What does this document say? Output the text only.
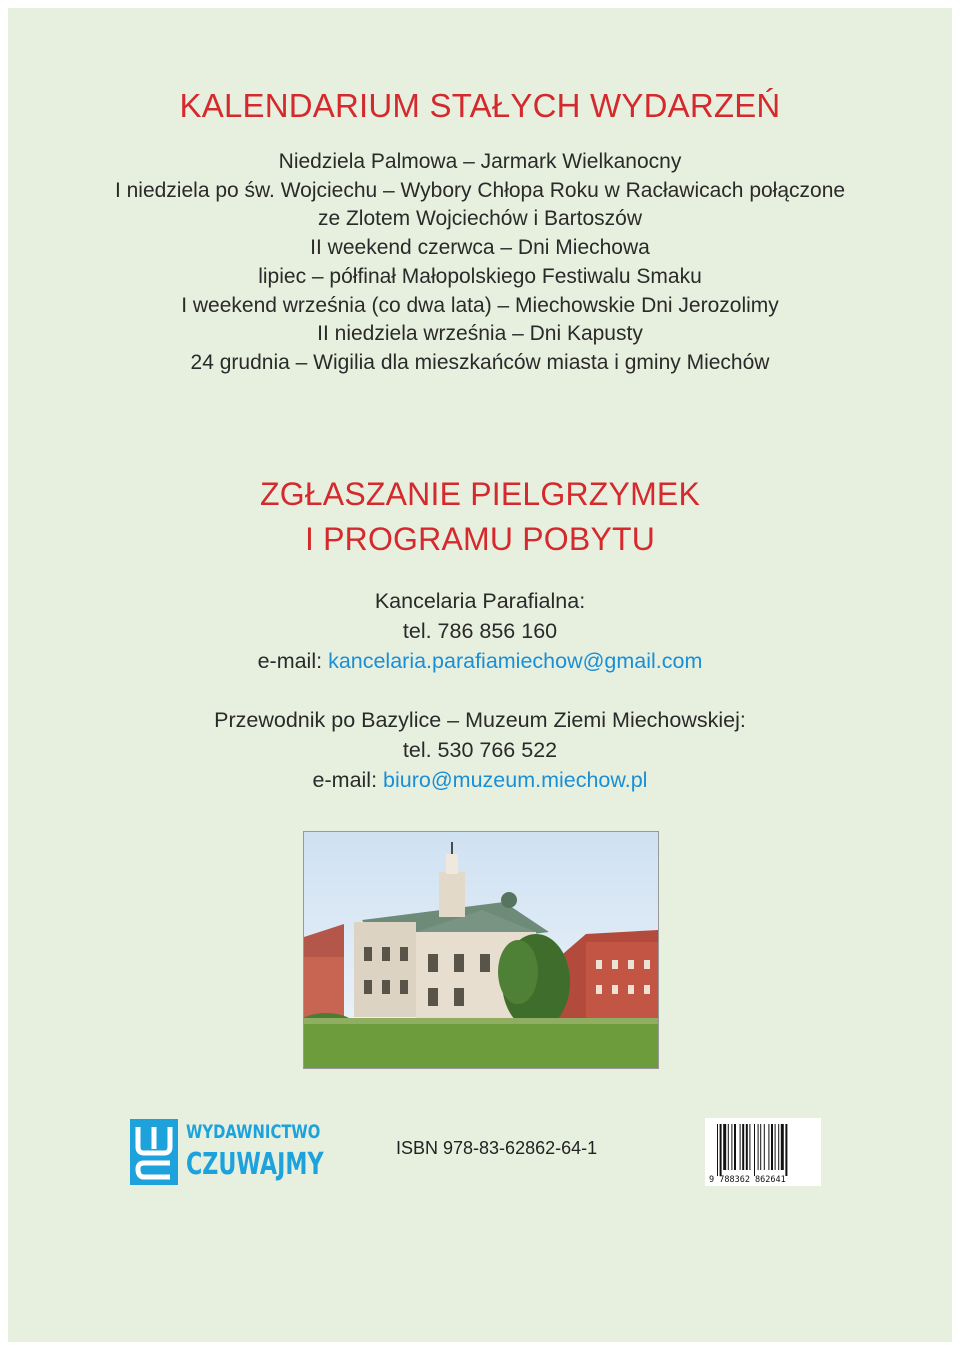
KALENDARIUM STAŁYCH WYDARZEŃ
Niedziela Palmowa – Jarmark Wielkanocny
I niedziela po św. Wojciechu – Wybory Chłopa Roku w Racławicach połączone
ze Zlotem Wojciechów i Bartoszów
II weekend czerwca – Dni Miechowa
lipiec – półfinał Małopolskiego Festiwalu Smaku
I weekend września (co dwa lata) – Miechowskie Dni Jerozolimy
II niedziela września – Dni Kapusty
24 grudnia – Wigilia dla mieszkańców miasta i gminy Miechów
ZGŁASZANIE PIELGRZYMEK
I PROGRAMU POBYTU
Kancelaria Parafialna:
tel. 786 856 160
e-mail: kancelaria.parafiamiechow@gmail.com
Przewodnik po Bazylice – Muzeum Ziemi Miechowskiej:
tel. 530 766 522
e-mail: biuro@muzeum.miechow.pl
WYDAWNICTWO
CZUWAJMY	ISBN 978-83-62862-64-1
9 788362 862641
